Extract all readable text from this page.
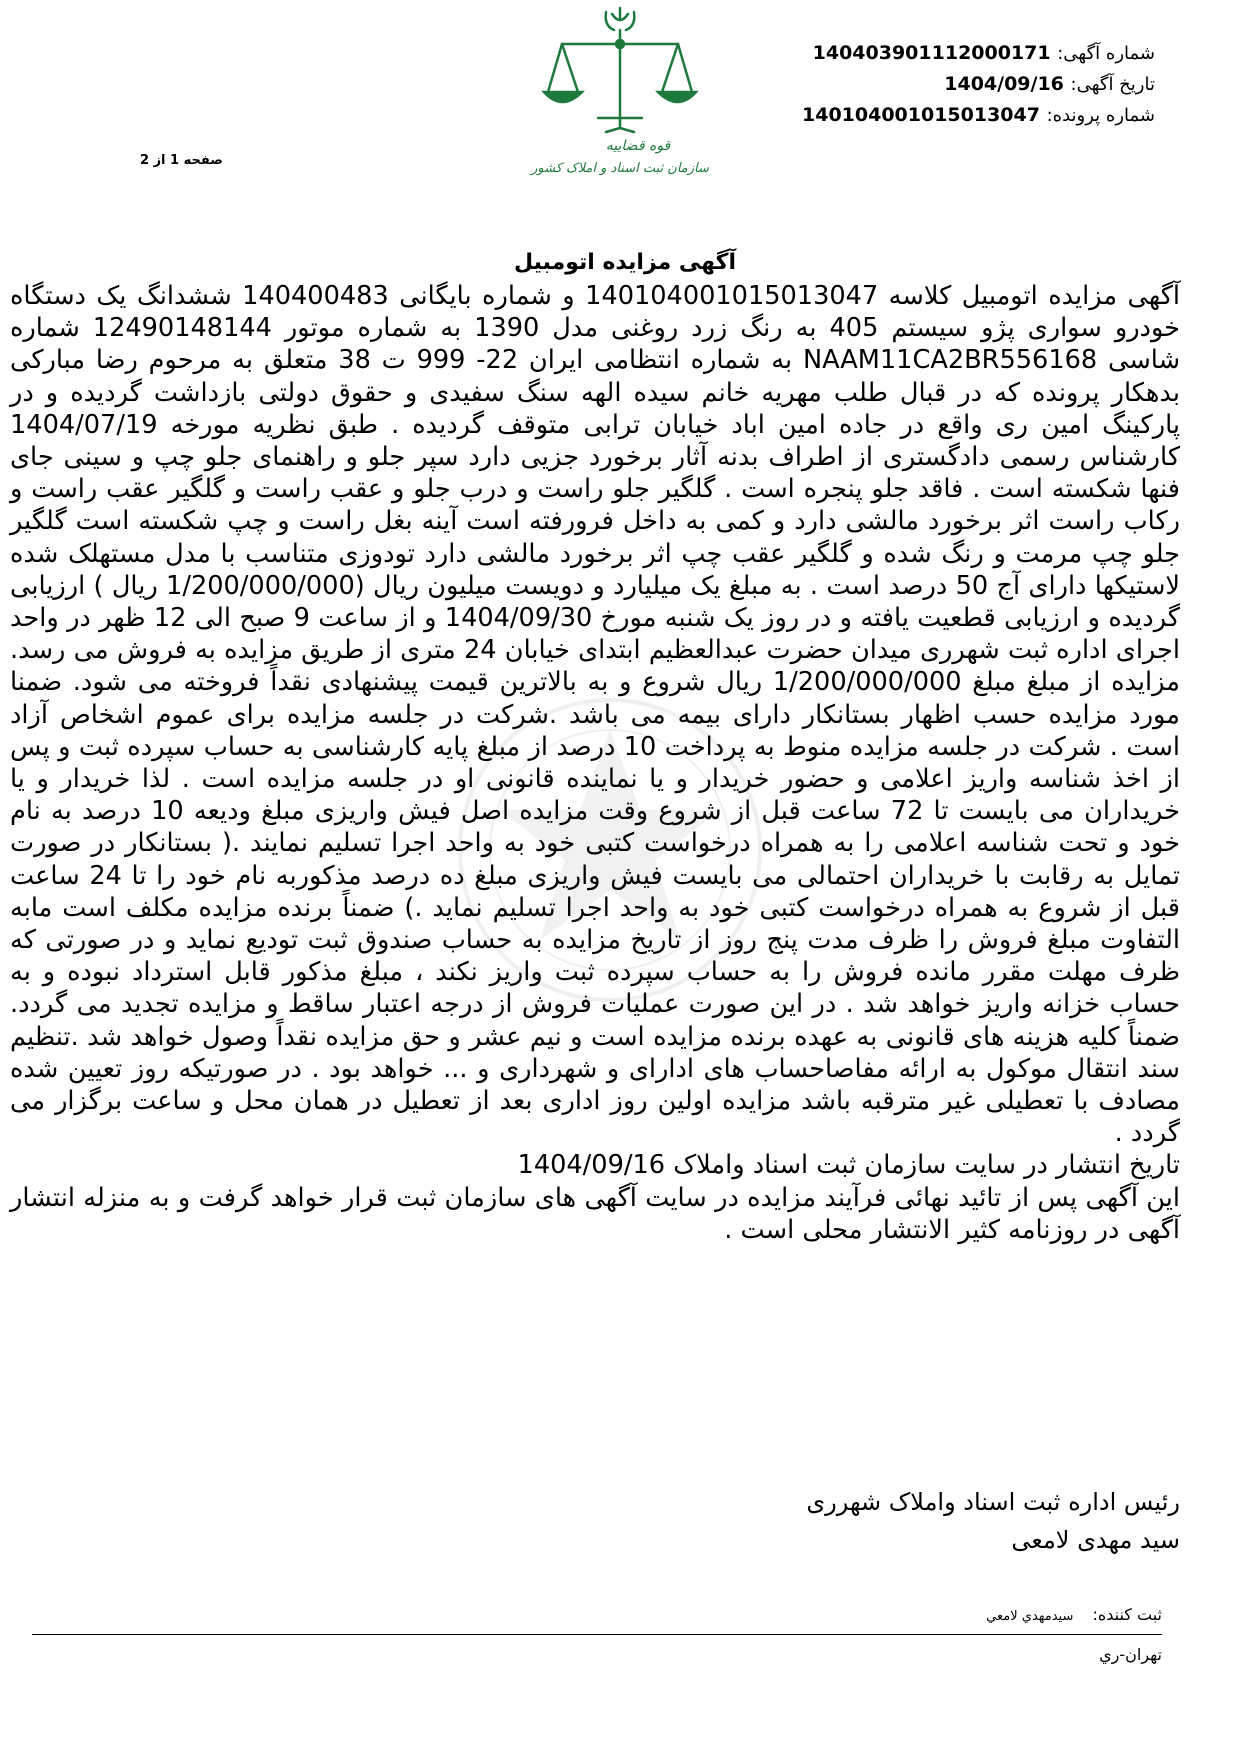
شماره آگهی: 140403901112000171
تاریخ آگهی: 1404/09/16
شماره پرونده: 140104001015013047
صفحه 1 از 2
قوه قضاییه
سازمان ثبت اسناد و املاک کشور
آگهی مزایده اتومبیل

آگهی مزایده اتومبیل کلاسه 140104001015013047 و شماره بایگانی 140400483 ششدانگ یک دستگاه خودرو سواری پژو سیستم 405 به رنگ زرد روغنی مدل 1390 به شماره موتور 12490148144 شماره شاسی NAAM11CA2BR556168 به شماره انتظامی ایران 22- 999 ت 38 متعلق به مرحوم رضا مبارکی بدهکار پرونده که در قبال طلب مهریه خانم سیده الهه سنگ سفیدی و حقوق دولتی بازداشت گردیده و در پارکینگ امین ری واقع در جاده امین اباد خیابان ترابی متوقف گردیده . طبق نظریه مورخه 1404/07/19 کارشناس رسمی دادگستری از اطراف بدنه آثار برخورد جزیی دارد سپر جلو و راهنمای جلو چپ و سینی جای فنها شکسته است . فاقد جلو پنجره است . گلگیر جلو راست و درب جلو و عقب راست و گلگیر عقب راست و رکاب راست اثر برخورد مالشی دارد و کمی به داخل فرورفته است آینه بغل راست و چپ شکسته است گلگیر جلو چپ مرمت و رنگ شده و گلگیر عقب چپ اثر برخورد مالشی دارد تودوزی متناسب با مدل مستهلک شده لاستیکها دارای آج 50 درصد است . به مبلغ یک میلیارد و دویست میلیون ریال (1/200/000/000 ریال ) ارزیابی گردیده و ارزیابی قطعیت یافته و در روز یک شنبه مورخ 1404/09/30 و از ساعت 9 صبح الی 12 ظهر در واحد اجرای اداره ثبت شهرری میدان حضرت عبدالعظیم ابتدای خیابان 24 متری از طریق مزایده به فروش می رسد. مزایده از مبلغ مبلغ 1/200/000/000 ریال شروع و به بالاترین قیمت پیشنهادی نقداً فروخته می شود. ضمنا مورد مزایده حسب اظهار بستانکار دارای بیمه می باشد .شرکت در جلسه مزایده برای عموم اشخاص آزاد است . شرکت در جلسه مزایده منوط به پرداخت 10 درصد از مبلغ پایه کارشناسی به حساب سپرده ثبت و پس از اخذ شناسه واریز اعلامی و حضور خریدار و یا نماینده قانونی او در جلسه مزایده است . لذا خریدار و یا خریداران می بایست تا 72 ساعت قبل از شروع وقت مزایده اصل فیش واریزی مبلغ ودیعه 10 درصد به نام خود و تحت شناسه اعلامی را به همراه درخواست کتبی خود به واحد اجرا تسلیم نمایند .( بستانکار در صورت تمایل به رقابت با خریداران احتمالی می بایست فیش واریزی مبلغ ده درصد مذکوربه نام خود را تا 24 ساعت قبل از شروع به همراه درخواست کتبی خود به واحد اجرا تسلیم نماید .) ضمناً برنده مزایده مکلف است مابه التفاوت مبلغ فروش را ظرف مدت پنج روز از تاریخ مزایده به حساب صندوق ثبت تودیع نماید و در صورتی که ظرف مهلت مقرر مانده فروش را به حساب سپرده ثبت واریز نکند ، مبلغ مذکور قابل استرداد نبوده و به حساب خزانه واریز خواهد شد . در این صورت عملیات فروش از درجه اعتبار ساقط و مزایده تجدید می گردد. ضمناً کلیه هزینه های قانونی به عهده برنده مزایده است و نیم عشر و حق مزایده نقداً وصول خواهد شد .تنظیم سند انتقال موکول به ارائه مفاصاحساب های ادارای و شهرداری و ... خواهد بود . در صورتیکه روز تعیین شده مصادف با تعطیلی غیر مترقبه باشد مزایده اولین روز اداری بعد از تعطیل در همان محل و ساعت برگزار می گردد .

تاریخ انتشار در سایت سازمان ثبت اسناد واملاک 1404/09/16

این آگهی پس از تائید نهائی فرآیند مزایده در سایت آگهی های سازمان ثبت قرار خواهد گرفت و به منزله انتشار آگهی در روزنامه کثیر الانتشار محلی است .

رئیس اداره ثبت اسناد واملاک شهرری
سید مهدی لامعی
ثبت کننده: سیدمهدي لامعي
تهران-ري
